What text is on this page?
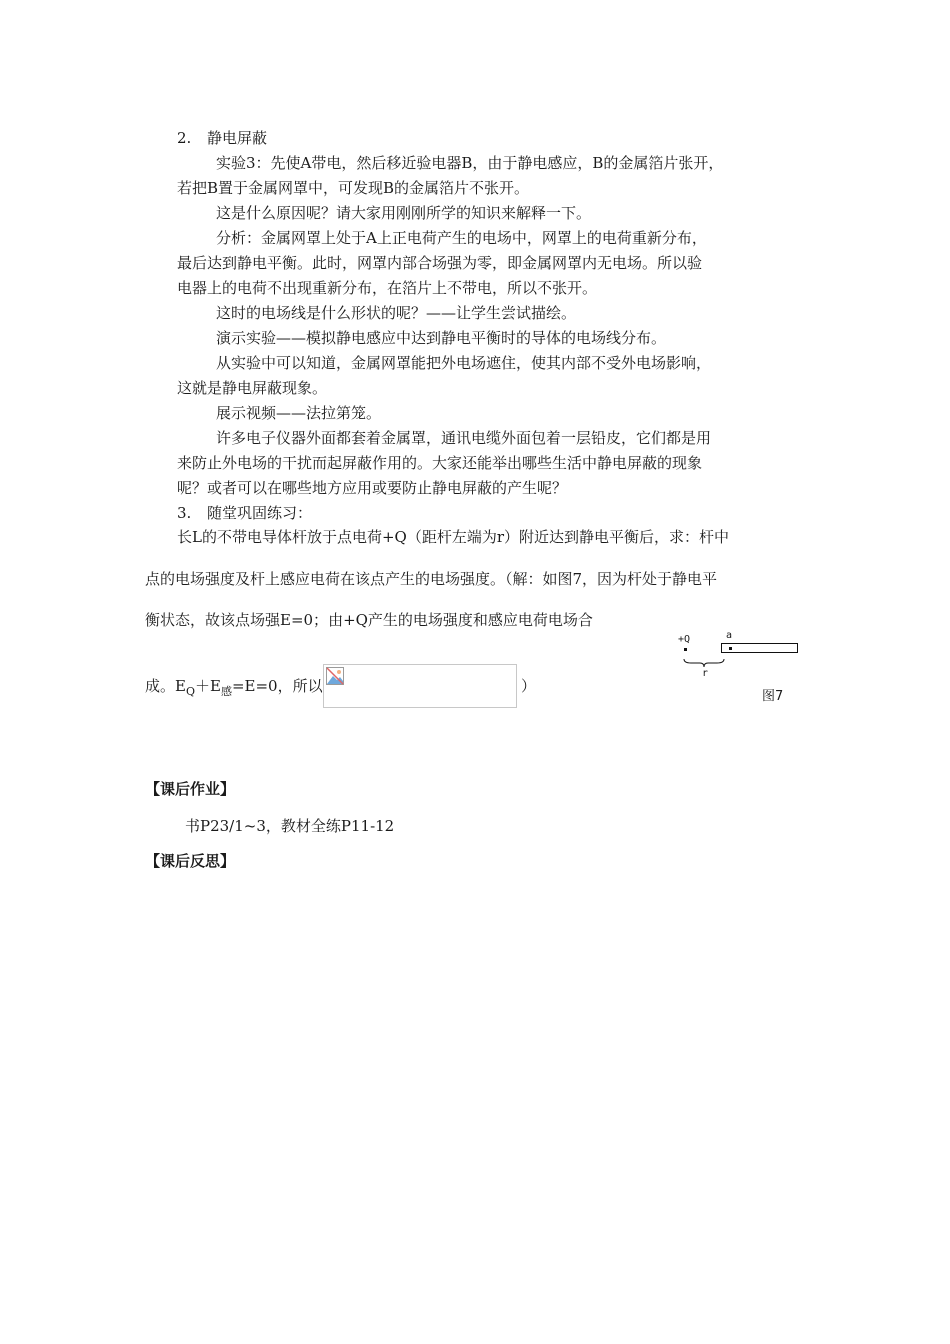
2. 静电屏蔽
实验3：先使A带电，然后移近验电器B，由于静电感应，B的金属箔片张开，
若把B置于金属网罩中，可发现B的金属箔片不张开。
这是什么原因呢？请大家用刚刚所学的知识来解释一下。
分析：金属网罩上处于A上正电荷产生的电场中，网罩上的电荷重新分布，
最后达到静电平衡。此时，网罩内部合场强为零，即金属网罩内无电场。所以验
电器上的电荷不出现重新分布，在箔片上不带电，所以不张开。
这时的电场线是什么形状的呢？——让学生尝试描绘。
演示实验——模拟静电感应中达到静电平衡时的导体的电场线分布。
从实验中可以知道，金属网罩能把外电场遮住，使其内部不受外电场影响，
这就是静电屏蔽现象。
展示视频——法拉第笼。
许多电子仪器外面都套着金属罩，通讯电缆外面包着一层铅皮，它们都是用
来防止外电场的干扰而起屏蔽作用的。大家还能举出哪些生活中静电屏蔽的现象
呢？或者可以在哪些地方应用或要防止静电屏蔽的产生呢？
3. 随堂巩固练习：
长L的不带电导体杆放于点电荷+Q（距杆左端为r）附近达到静电平衡后，求：杆中
点的电场强度及杆上感应电荷在该点产生的电场强度。（解：如图7，因为杆处于静电平
衡状态，故该点场强E=0；由+Q产生的电场强度和感应电荷电场合
成。$E_Q+E_感=E=0$，所以	）
+Q	a
r
图7
【课后作业】
书P23/1~3，教材全练P11-12
【课后反思】
